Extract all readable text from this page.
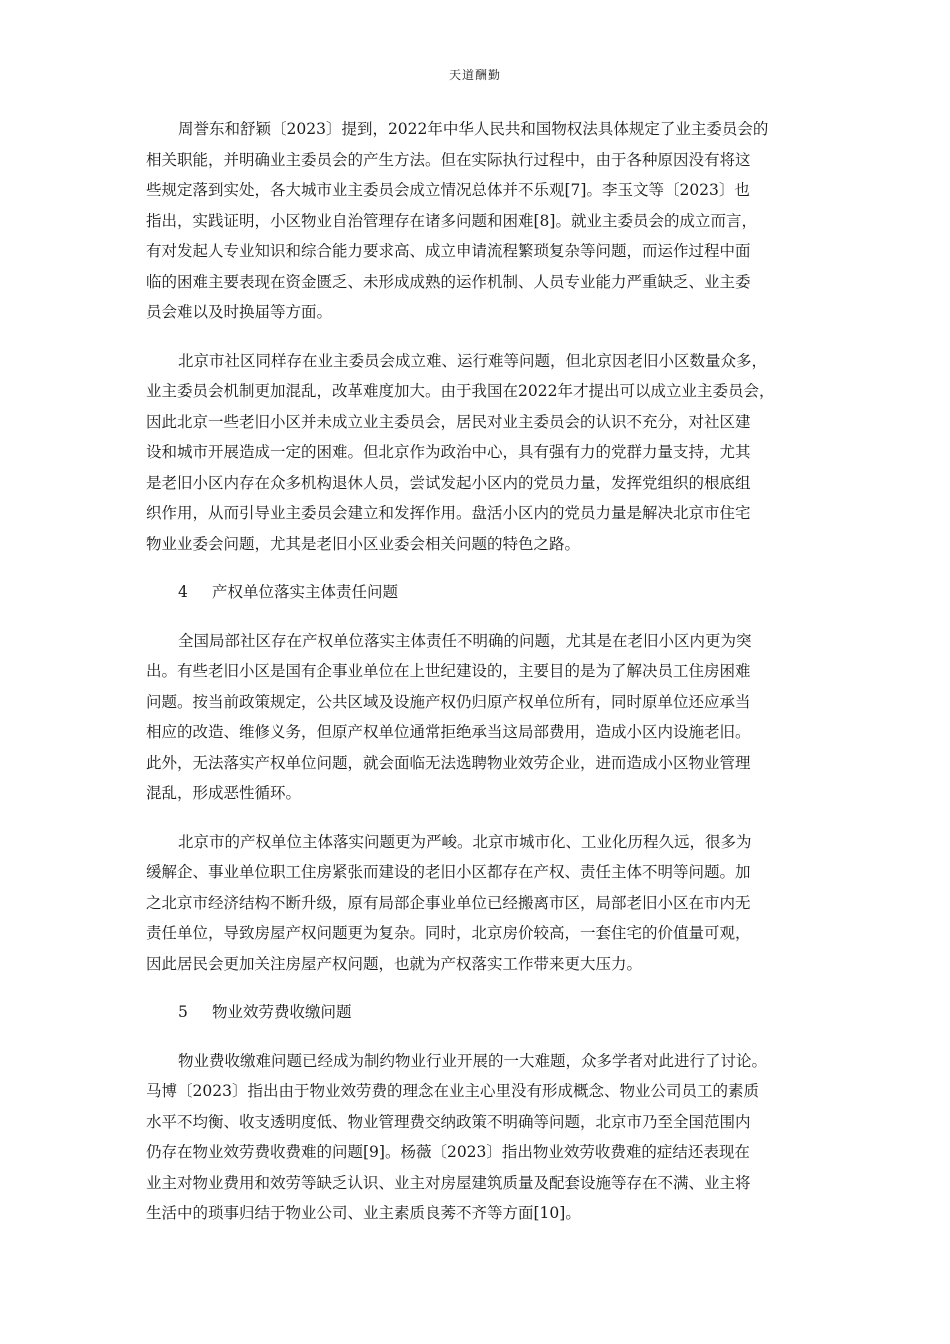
天道酬勤

周誉东和舒颖〔2023〕提到，2022年中华人民共和国物权法具体规定了业主委员会的
相关职能，并明确业主委员会的产生方法。但在实际执行过程中，由于各种原因没有将这
些规定落到实处，各大城市业主委员会成立情况总体并不乐观[7]。李玉文等〔2023〕也
指出，实践证明，小区物业自治管理存在诸多问题和困难[8]。就业主委员会的成立而言，
有对发起人专业知识和综合能力要求高、成立申请流程繁琐复杂等问题，而运作过程中面
临的困难主要表现在资金匮乏、未形成成熟的运作机制、人员专业能力严重缺乏、业主委
员会难以及时换届等方面。

北京市社区同样存在业主委员会成立难、运行难等问题，但北京因老旧小区数量众多，
业主委员会机制更加混乱，改革难度加大。由于我国在2022年才提出可以成立业主委员会，
因此北京一些老旧小区并未成立业主委员会，居民对业主委员会的认识不充分，对社区建
设和城市开展造成一定的困难。但北京作为政治中心，具有强有力的党群力量支持，尤其
是老旧小区内存在众多机构退休人员，尝试发起小区内的党员力量，发挥党组织的根底组
织作用，从而引导业主委员会建立和发挥作用。盘活小区内的党员力量是解决北京市住宅
物业业委会问题，尤其是老旧小区业委会相关问题的特色之路。

4 产权单位落实主体责任问题

全国局部社区存在产权单位落实主体责任不明确的问题，尤其是在老旧小区内更为突
出。有些老旧小区是国有企事业单位在上世纪建设的，主要目的是为了解决员工住房困难
问题。按当前政策规定，公共区域及设施产权仍归原产权单位所有，同时原单位还应承当
相应的改造、维修义务，但原产权单位通常拒绝承当这局部费用，造成小区内设施老旧。
此外，无法落实产权单位问题，就会面临无法选聘物业效劳企业，进而造成小区物业管理
混乱，形成恶性循环。

北京市的产权单位主体落实问题更为严峻。北京市城市化、工业化历程久远，很多为
缓解企、事业单位职工住房紧张而建设的老旧小区都存在产权、责任主体不明等问题。加
之北京市经济结构不断升级，原有局部企事业单位已经搬离市区，局部老旧小区在市内无
责任单位，导致房屋产权问题更为复杂。同时，北京房价较高，一套住宅的价值量可观，
因此居民会更加关注房屋产权问题，也就为产权落实工作带来更大压力。

5 物业效劳费收缴问题

物业费收缴难问题已经成为制约物业行业开展的一大难题，众多学者对此进行了讨论。
马博〔2023〕指出由于物业效劳费的理念在业主心里没有形成概念、物业公司员工的素质
水平不均衡、收支透明度低、物业管理费交纳政策不明确等问题，北京市乃至全国范围内
仍存在物业效劳费收费难的问题[9]。杨薇〔2023〕指出物业效劳收费难的症结还表现在
业主对物业费用和效劳等缺乏认识、业主对房屋建筑质量及配套设施等存在不满、业主将
生活中的琐事归结于物业公司、业主素质良莠不齐等方面[10]。
